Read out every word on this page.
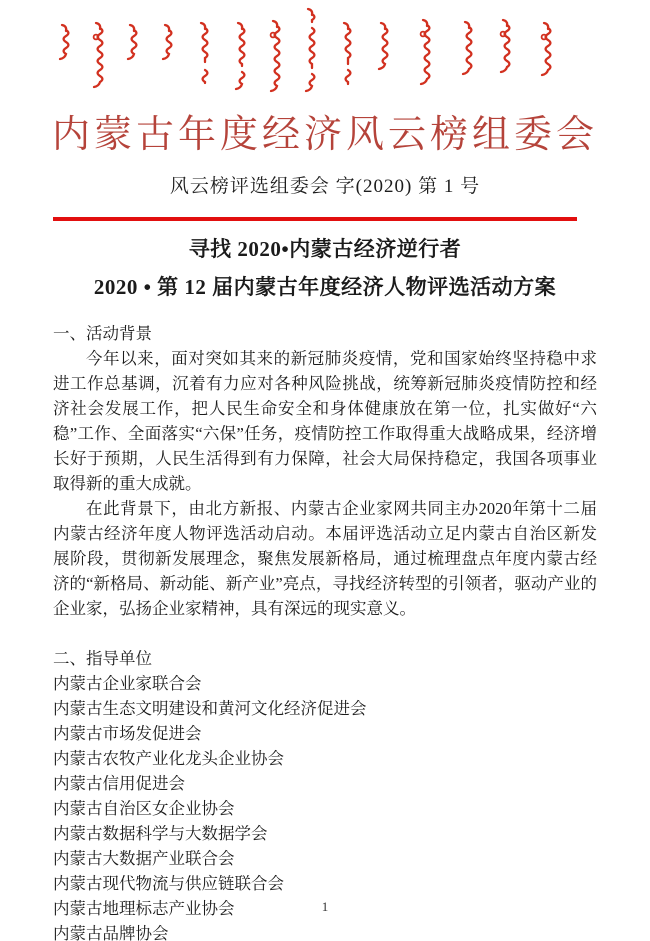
内蒙古年度经济风云榜组委会
风云榜评选组委会 字(2020) 第 1 号
寻找 2020•内蒙古经济逆行者
2020 • 第 12 届内蒙古年度经济人物评选活动方案
一、活动背景

今年以来，面对突如其来的新冠肺炎疫情，党和国家始终坚持稳中求进工作总基调，沉着有力应对各种风险挑战，统筹新冠肺炎疫情防控和经济社会发展工作，把人民生命安全和身体健康放在第一位，扎实做好“六稳”工作、全面落实“六保”任务，疫情防控工作取得重大战略成果，经济增长好于预期，人民生活得到有力保障，社会大局保持稳定，我国各项事业取得新的重大成就。

在此背景下，由北方新报、内蒙古企业家网共同主办2020年第十二届内蒙古经济年度人物评选活动启动。本届评选活动立足内蒙古自治区新发展阶段，贯彻新发展理念，聚焦发展新格局，通过梳理盘点年度内蒙古经济的“新格局、新动能、新产业”亮点，寻找经济转型的引领者，驱动产业的企业家，弘扬企业家精神，具有深远的现实意义。

二、指导单位
内蒙古企业家联合会
内蒙古生态文明建设和黄河文化经济促进会
内蒙古市场发促进会
内蒙古农牧产业化龙头企业协会
内蒙古信用促进会
内蒙古自治区女企业协会
内蒙古数据科学与大数据学会
内蒙古大数据产业联合会
内蒙古现代物流与供应链联合会
内蒙古地理标志产业协会
内蒙古品牌协会
1
